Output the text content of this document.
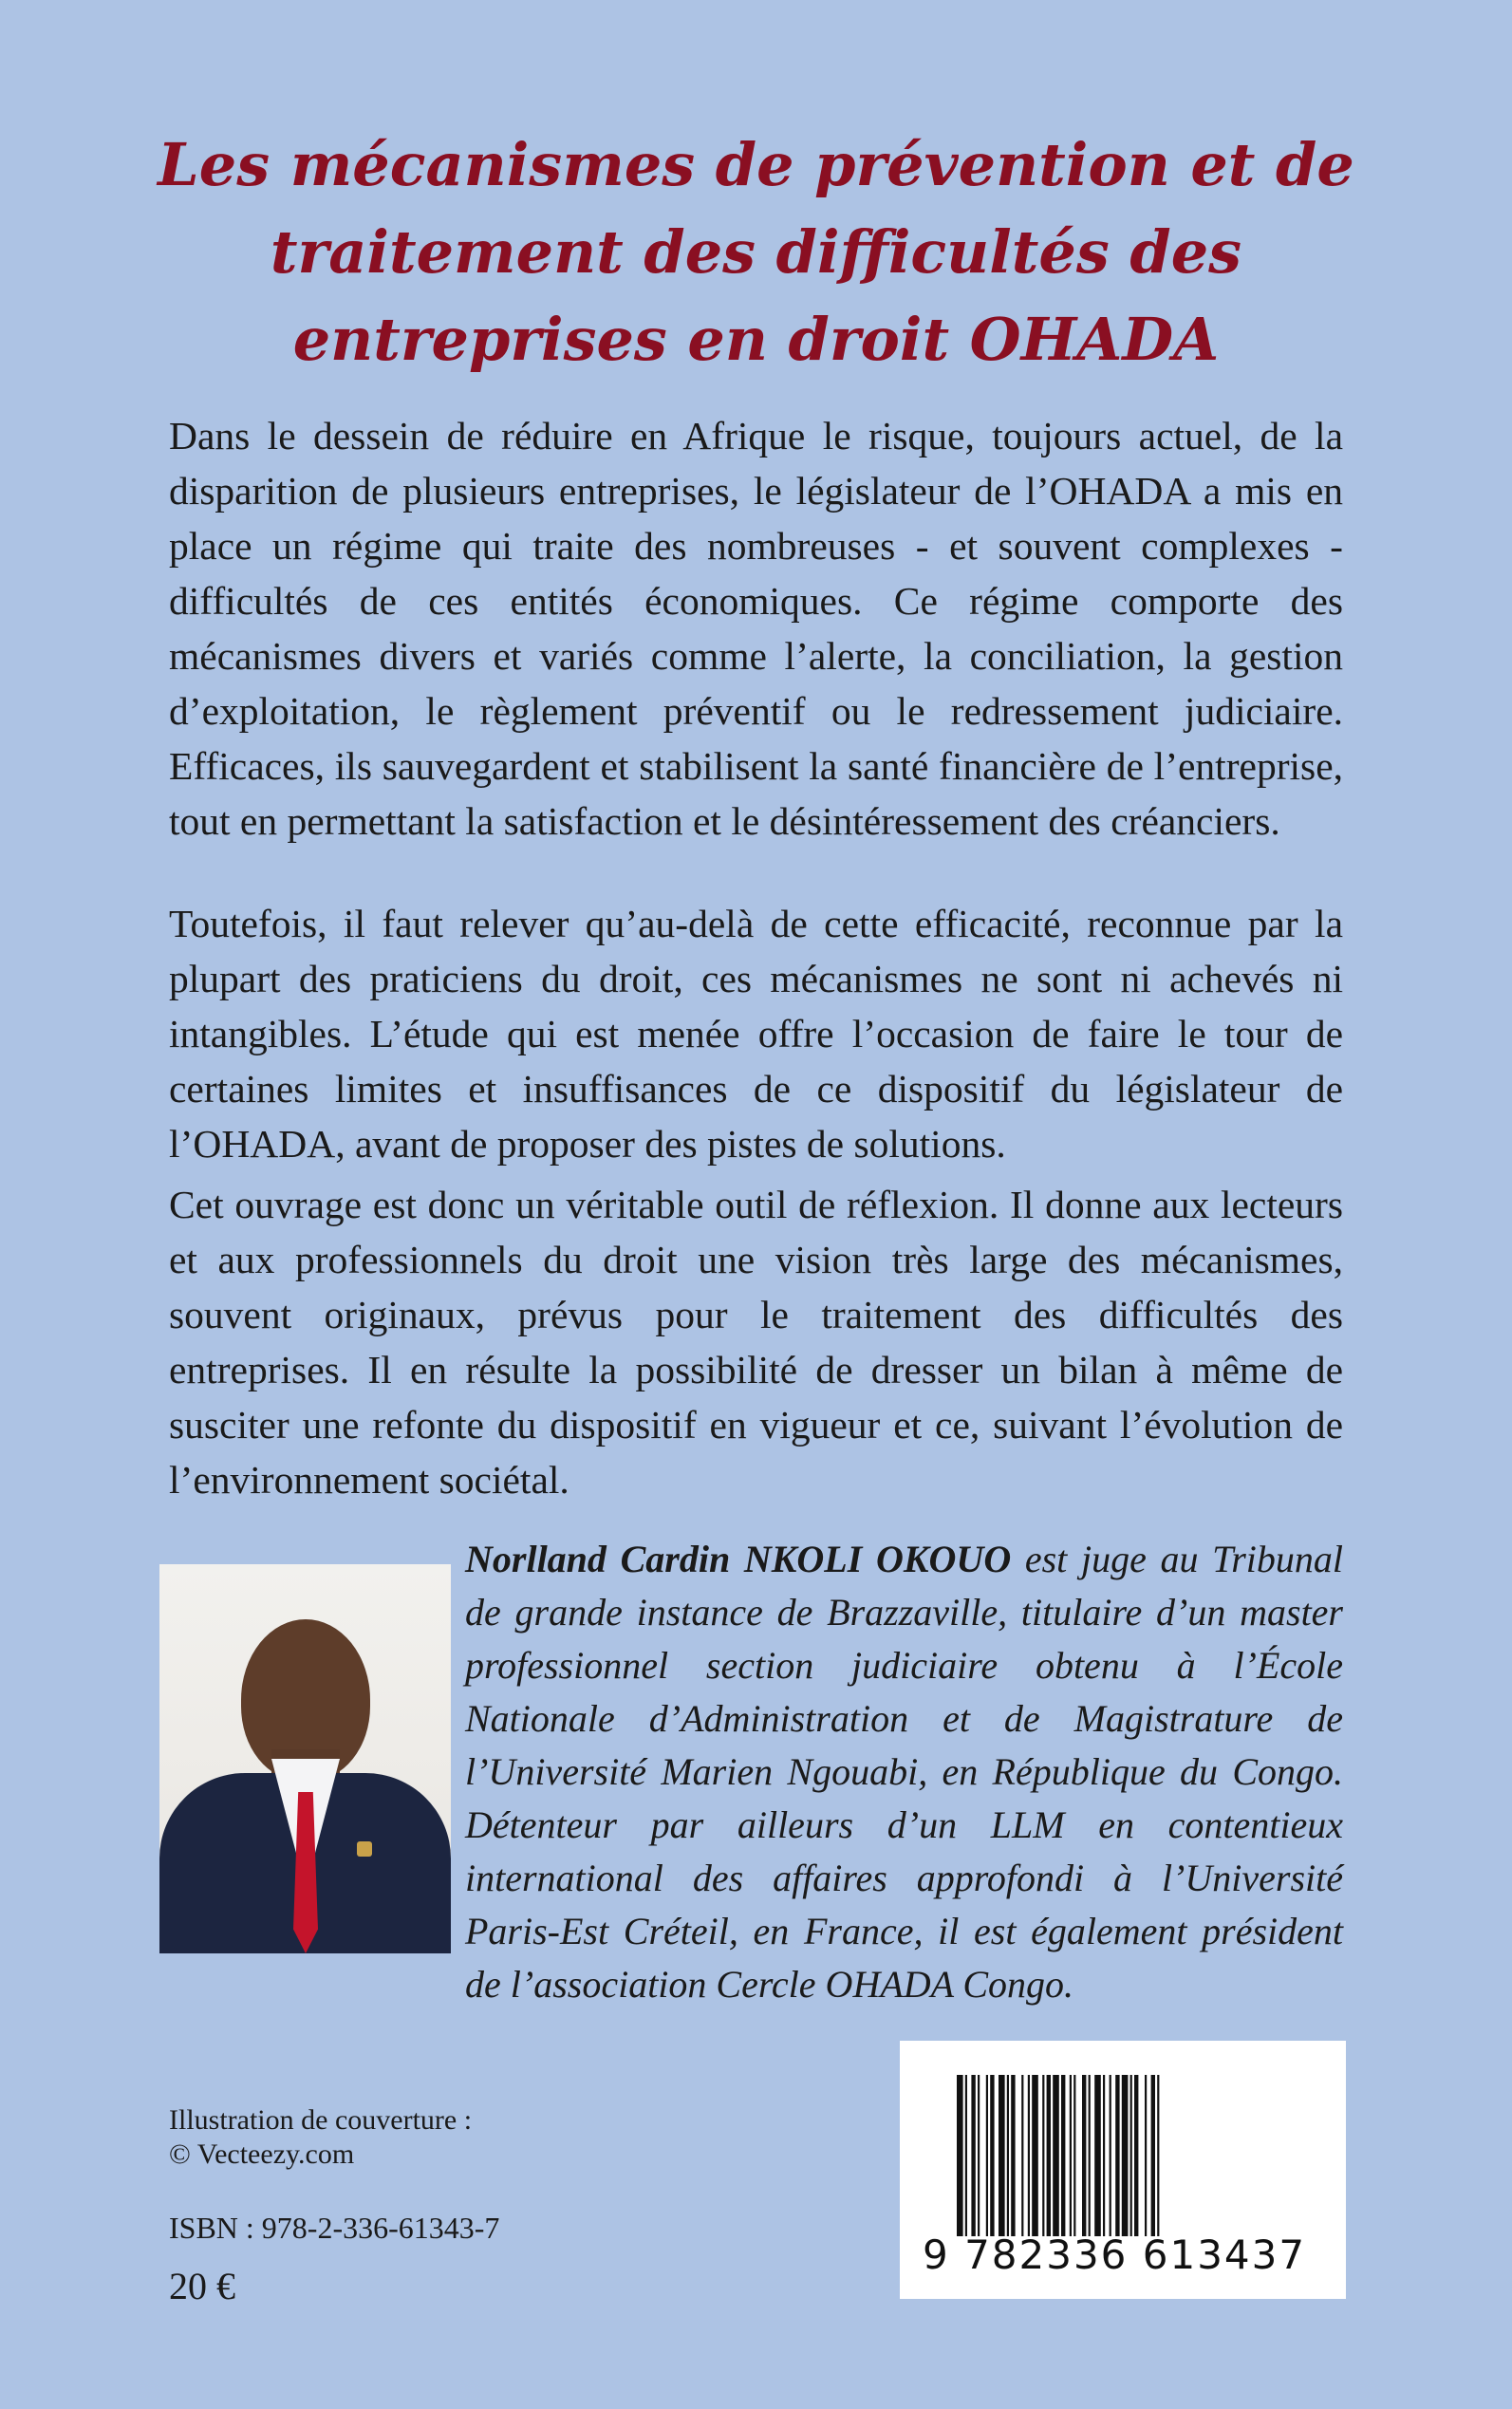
Les mécanismes de prévention et de traitement des difficultés des entreprises en droit OHADA

Dans le dessein de réduire en Afrique le risque, toujours actuel, de la disparition de plusieurs entreprises, le législateur de l’OHADA a mis en place un régime qui traite des nombreuses - et souvent complexes - difficultés de ces entités économiques. Ce régime comporte des mécanismes divers et variés comme l’alerte, la conciliation, la gestion d’exploitation, le règlement préventif ou le redressement judiciaire. Efficaces, ils sauvegardent et stabilisent la santé financière de l’entreprise, tout en permettant la satisfaction et le désintéressement des créanciers.

Toutefois, il faut relever qu’au-delà de cette efficacité, reconnue par la plupart des praticiens du droit, ces mécanismes ne sont ni achevés ni intangibles. L’étude qui est menée offre l’occasion de faire le tour de certaines limites et insuffisances de ce dispositif du législateur de l’OHADA, avant de proposer des pistes de solutions.

Cet ouvrage est donc un véritable outil de réflexion. Il donne aux lecteurs et aux professionnels du droit une vision très large des mécanismes, souvent originaux, prévus pour le traitement des difficultés des entreprises. Il en résulte la possibilité de dresser un bilan à même de susciter une refonte du dispositif en vigueur et ce, suivant l’évolution de l’environnement sociétal.

Norlland Cardin NKOLI OKOUO est juge au Tribunal de grande instance de Brazzaville, titulaire d’un master professionnel section judiciaire obtenu à l’École Nationale d’Administration et de Magistrature de l’Université Marien Ngouabi, en République du Congo. Détenteur par ailleurs d’un LLM en contentieux international des affaires approfondi à l’Université Paris-Est Créteil, en France, il est également président de l’association Cercle OHADA Congo.

Illustration de couverture :
© Vecteezy.com

ISBN : 978-2-336-61343-7

20 €

9 782336 613437
